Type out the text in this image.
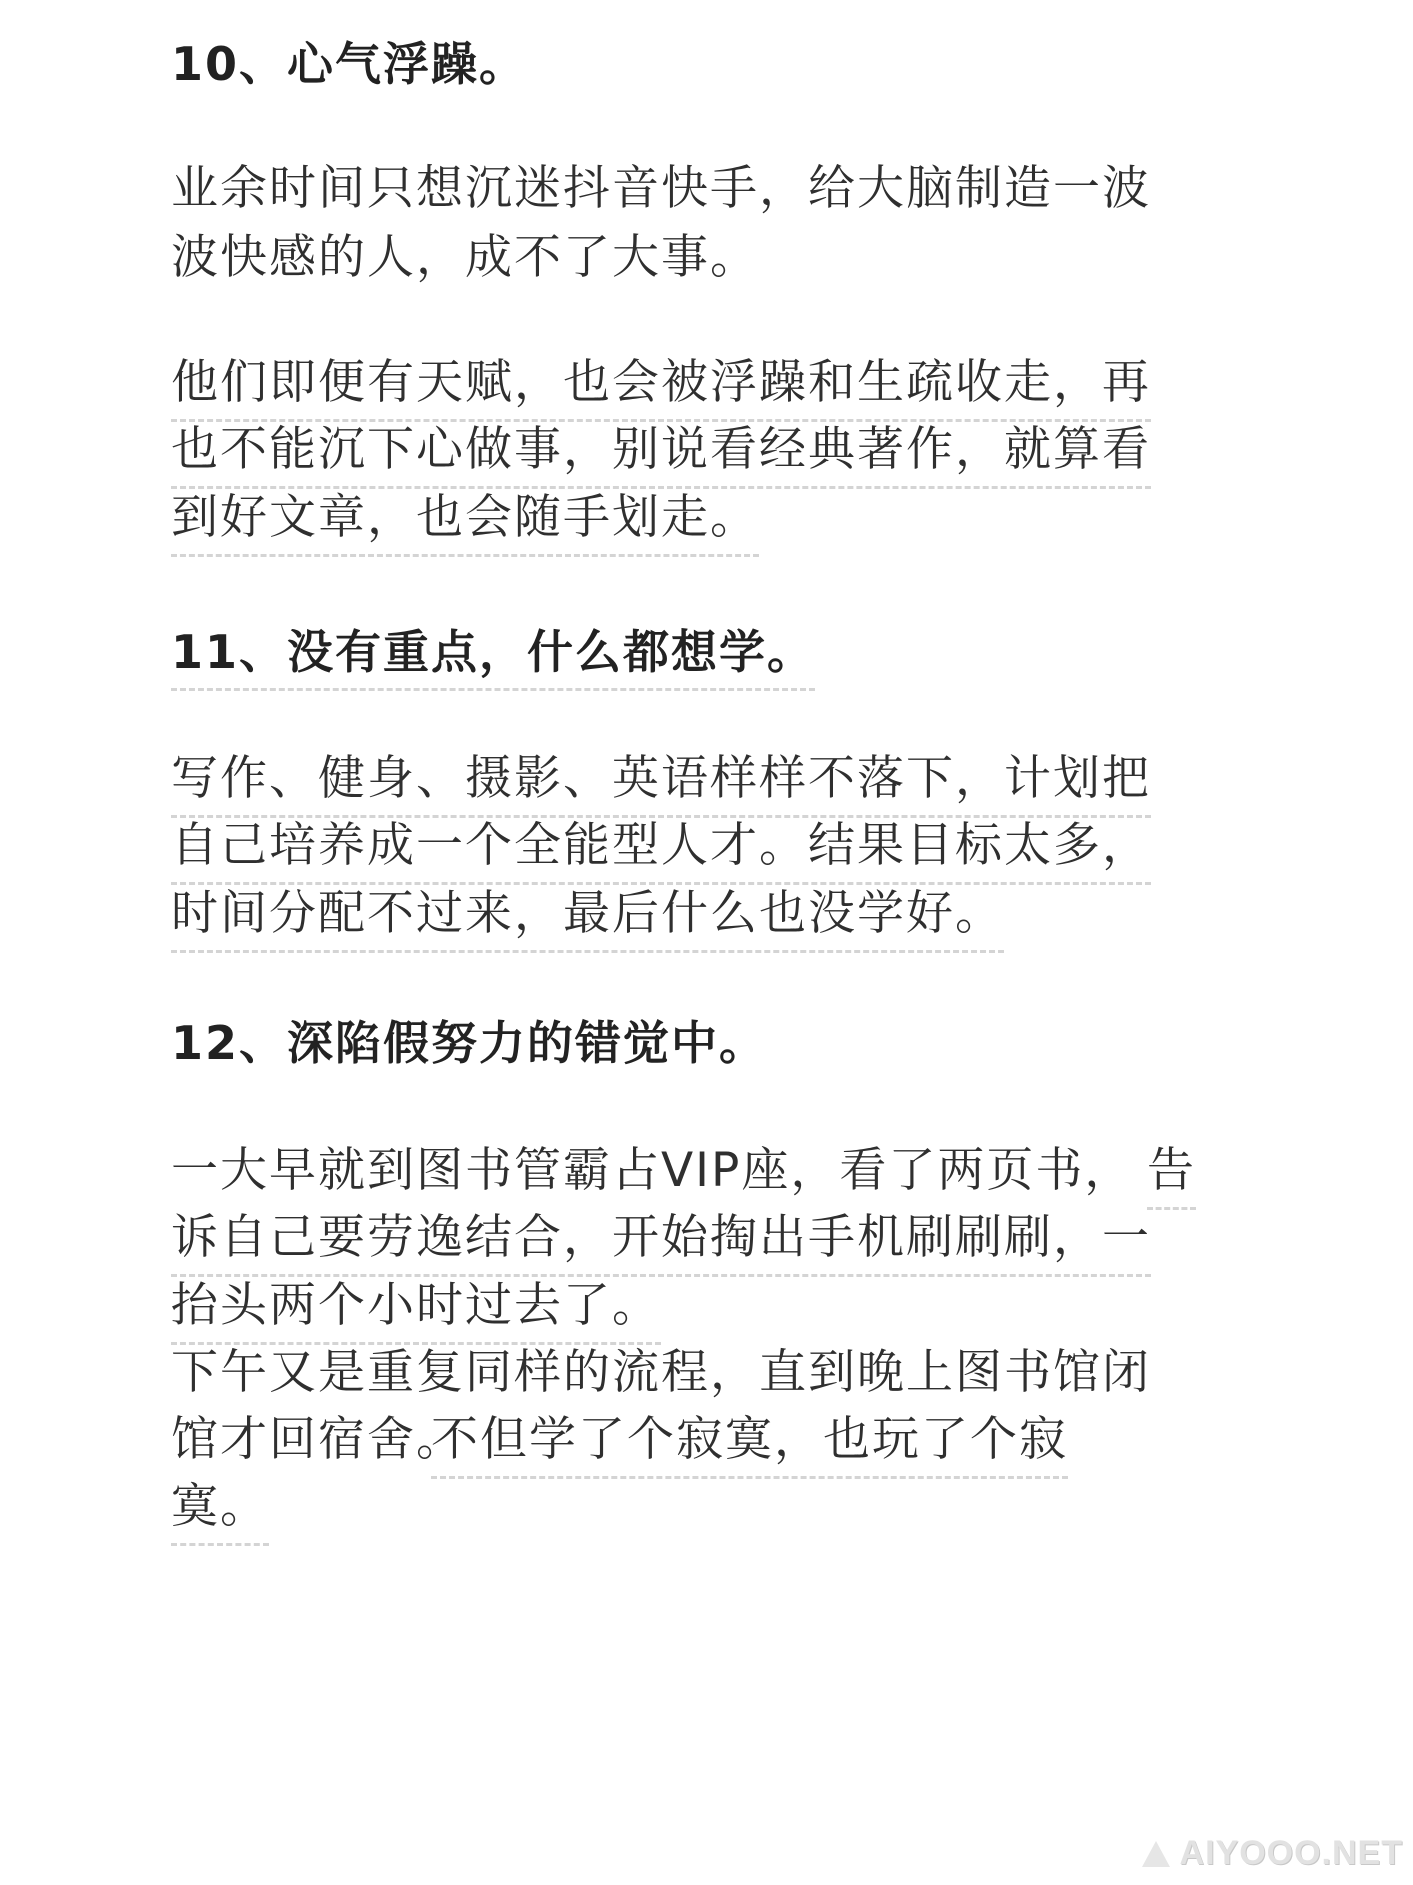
10、心气浮躁。
业余时间只想沉迷抖音快手，给大脑制造一波
波快感的人，成不了大事。
他们即便有天赋，也会被浮躁和生疏收走，再
也不能沉下心做事，别说看经典著作，就算看
到好文章，也会随手划走。
11、没有重点，什么都想学。
写作、健身、摄影、英语样样不落下，计划把
自己培养成一个全能型人才。结果目标太多，
时间分配不过来，最后什么也没学好。
12、深陷假努力的错觉中。
一大早就到图书管霸占VIP座，看了两页书， 告
诉自己要劳逸结合，开始掏出手机刷刷刷，一
抬头两个小时过去了。
下午又是重复同样的流程，直到晚上图书馆闭
馆才回宿舍。
不但学了个寂寞，也玩了个寂
寞。
AIYOOO.NET
